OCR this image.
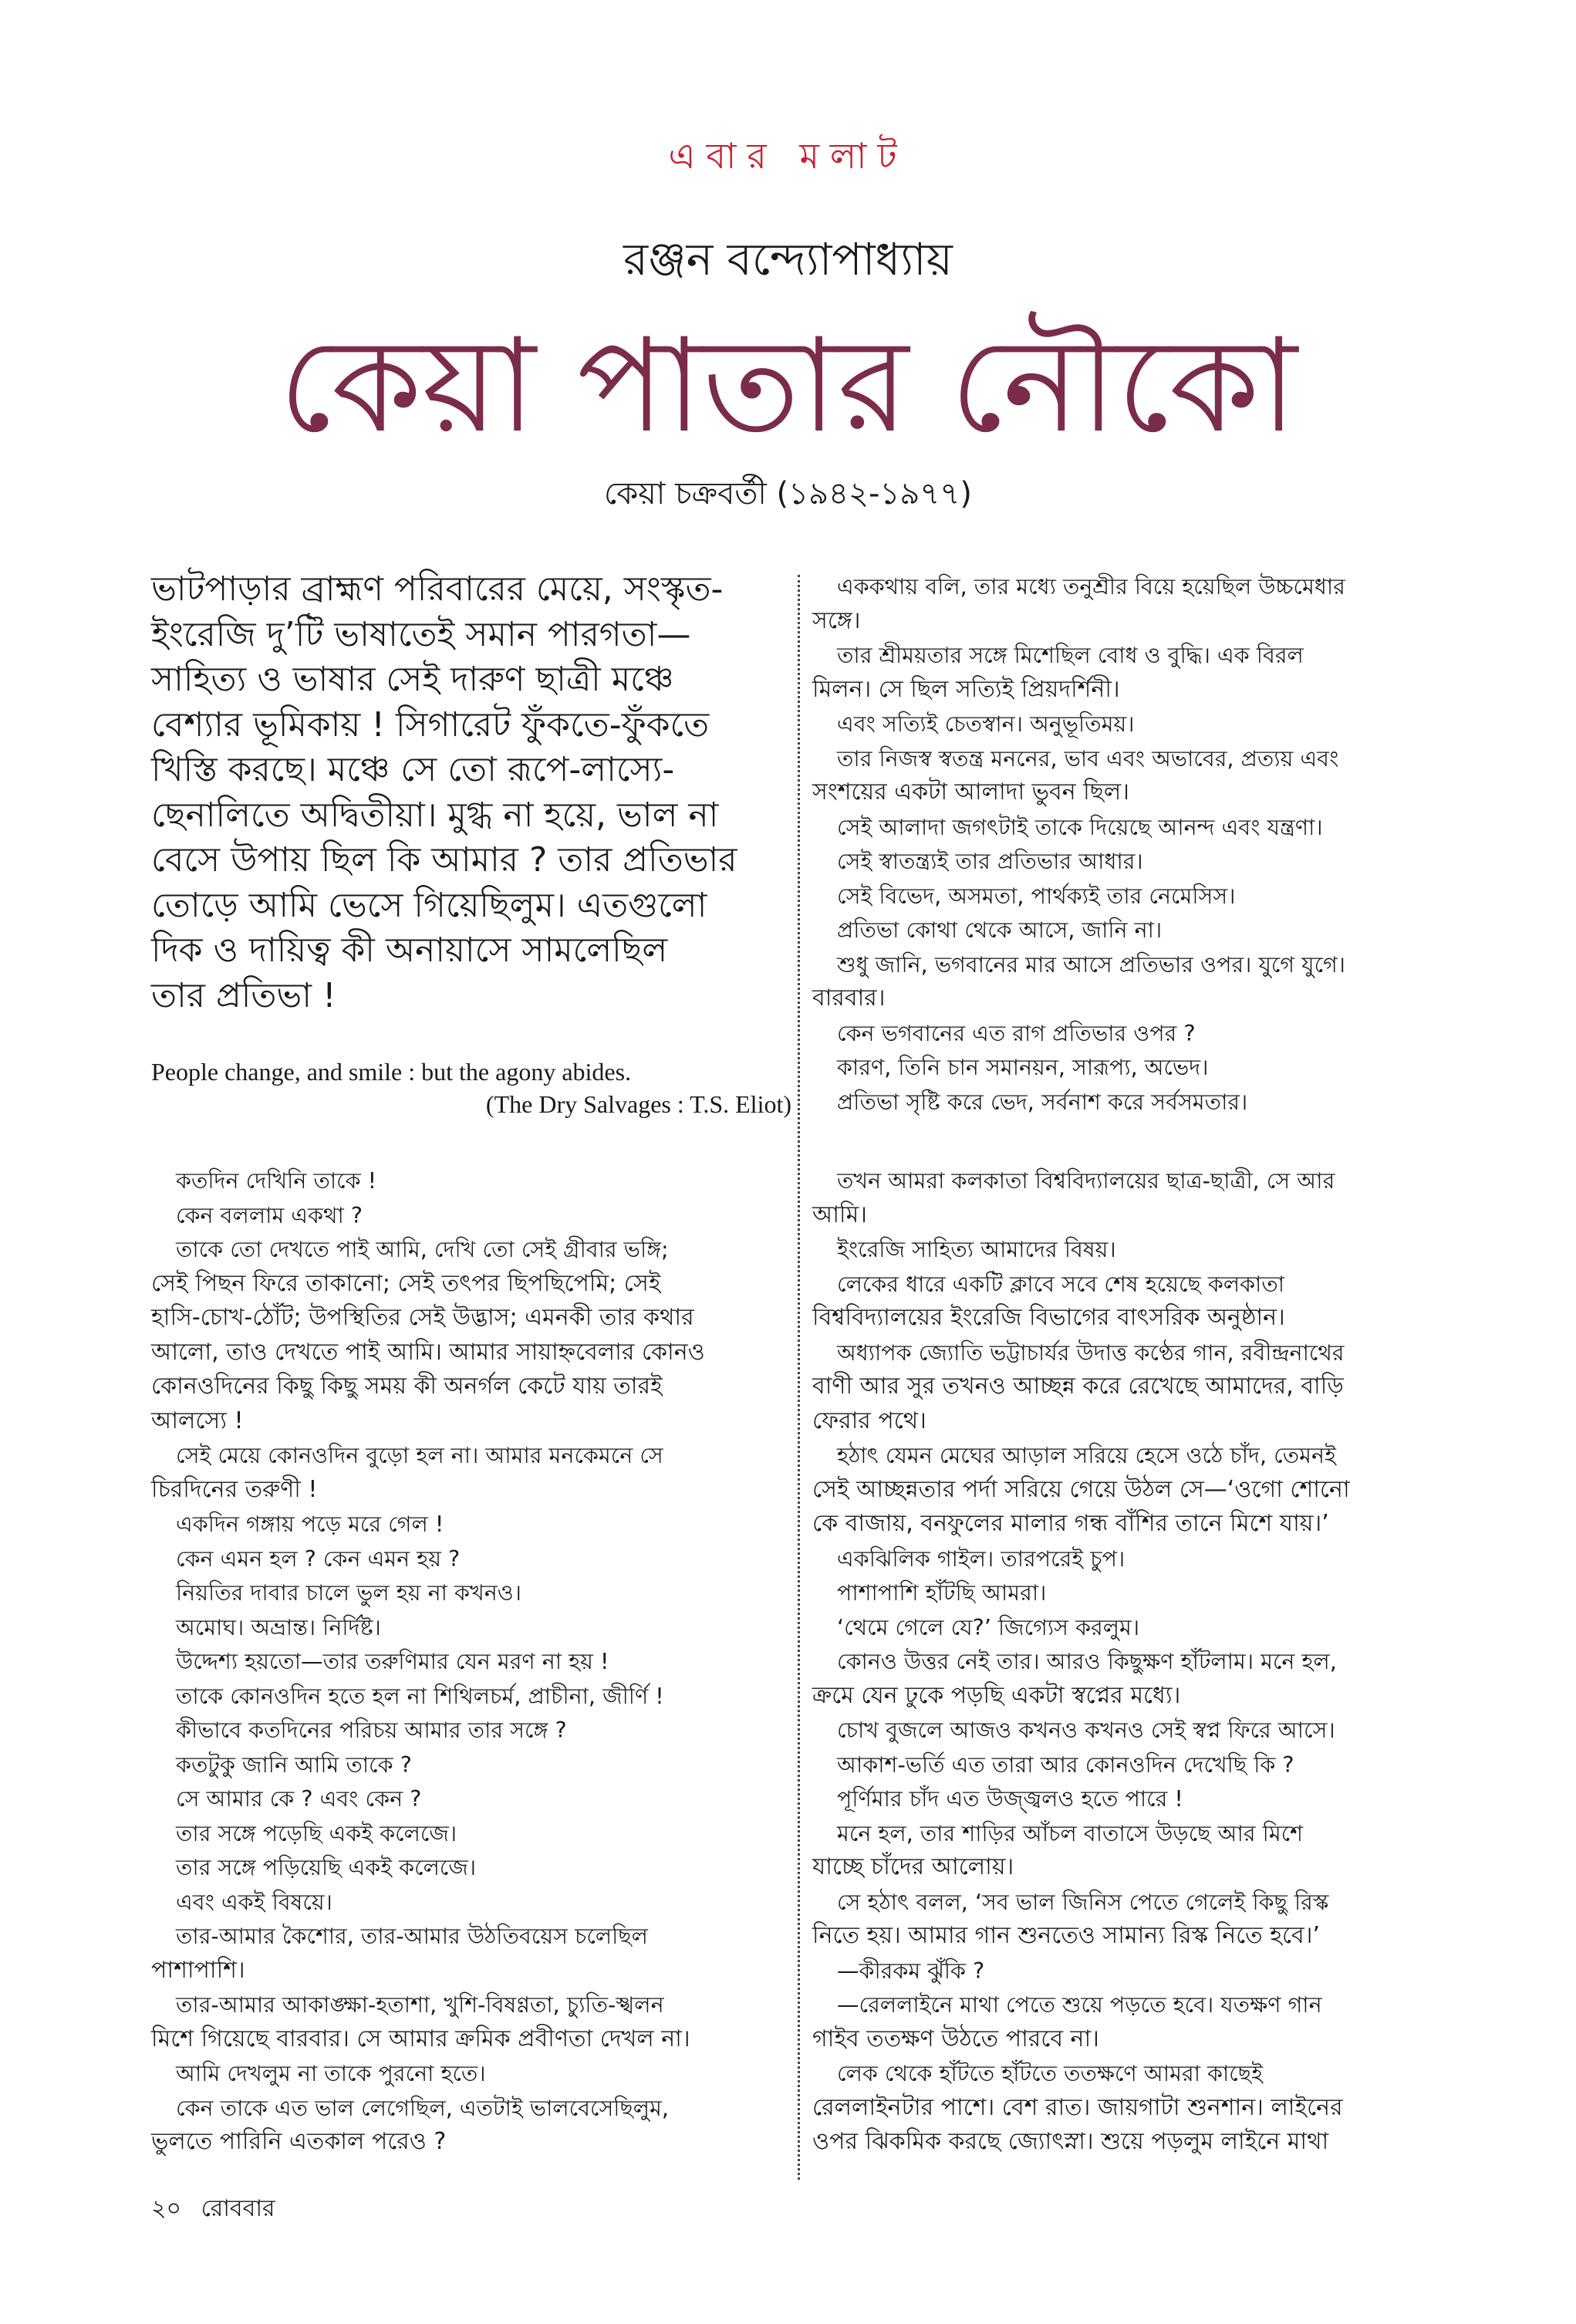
এবার মলাট
রঞ্জন বন্দ্যোপাধ্যায়
কেয়া পাতার নৌকো
কেয়া চক্রবর্তী (১৯৪২-১৯৭৭)
ভাটপাড়ার ব্রাহ্মণ পরিবারের মেয়ে, সংস্কৃত-
ইংরেজি দু’টি ভাষাতেই সমান পারগতা—
সাহিত্য ও ভাষার সেই দারুণ ছাত্রী মঞ্চে
বেশ্যার ভূমিকায় ! সিগারেট ফুঁকতে-ফুঁকতে
খিস্তি করছে। মঞ্চে সে তো রূপে-লাস্যে-
ছেনালিতে অদ্বিতীয়া। মুগ্ধ না হয়ে, ভাল না
বেসে উপায় ছিল কি আমার ? তার প্রতিভার
তোড়ে আমি ভেসে গিয়েছিলুম। এতগুলো
দিক ও দায়িত্ব কী অনায়াসে সামলেছিল
তার প্রতিভা !
People change, and smile : but the agony abides.
(The Dry Salvages : T.S. Eliot)
কতদিন দেখিনি তাকে !
কেন বললাম একথা ?
তাকে তো দেখতে পাই আমি, দেখি তো সেই গ্রীবার ভঙ্গি;
সেই পিছন ফিরে তাকানো; সেই তৎপর ছিপছিপেমি; সেই
হাসি-চোখ-ঠোঁট; উপস্থিতির সেই উদ্ভাস; এমনকী তার কথার
আলো, তাও দেখতে পাই আমি। আমার সায়াহ্নবেলার কোনও
কোনওদিনের কিছু কিছু সময় কী অনর্গল কেটে যায় তারই
আলস্যে !
সেই মেয়ে কোনওদিন বুড়ো হল না। আমার মনকেমনে সে
চিরদিনের তরুণী !
একদিন গঙ্গায় পড়ে মরে গেল !
কেন এমন হল ? কেন এমন হয় ?
নিয়তির দাবার চালে ভুল হয় না কখনও।
অমোঘ। অভ্রান্ত। নির্দিষ্ট।
উদ্দেশ্য হয়তো—তার তরুণিমার যেন মরণ না হয় !
তাকে কোনওদিন হতে হল না শিথিলচর্ম, প্রাচীনা, জীর্ণি !
কীভাবে কতদিনের পরিচয় আমার তার সঙ্গে ?
কতটুকু জানি আমি তাকে ?
সে আমার কে ? এবং কেন ?
তার সঙ্গে পড়েছি একই কলেজে।
তার সঙ্গে পড়িয়েছি একই কলেজে।
এবং একই বিষয়ে।
তার-আমার কৈশোর, তার-আমার উঠতিবয়েস চলেছিল
পাশাপাশি।
তার-আমার আকাঙ্ক্ষা-হতাশা, খুশি-বিষণ্ণতা, চ্যুতি-স্খলন
মিশে গিয়েছে বারবার। সে আমার ক্রমিক প্রবীণতা দেখল না।
আমি দেখলুম না তাকে পুরনো হতে।
কেন তাকে এত ভাল লেগেছিল, এতটাই ভালবেসেছিলুম,
ভুলতে পারিনি এতকাল পরেও ?
এককথায় বলি, তার মধ্যে তনুশ্রীর বিয়ে হয়েছিল উচ্চমেধার
সঙ্গে।
তার শ্রীময়তার সঙ্গে মিশেছিল বোধ ও বুদ্ধি। এক বিরল
মিলন। সে ছিল সত্যিই প্রিয়দর্শিনী।
এবং সত্যিই চেতস্বান। অনুভূতিময়।
তার নিজস্ব স্বতন্ত্র মননের, ভাব এবং অভাবের, প্রত্যয় এবং
সংশয়ের একটা আলাদা ভুবন ছিল।
সেই আলাদা জগৎটাই তাকে দিয়েছে আনন্দ এবং যন্ত্রণা।
সেই স্বাতন্ত্র্যই তার প্রতিভার আধার।
সেই বিভেদ, অসমতা, পার্থক্যই তার নেমেসিস।
প্রতিভা কোথা থেকে আসে, জানি না।
শুধু জানি, ভগবানের মার আসে প্রতিভার ওপর। যুগে যুগে।
বারবার।
কেন ভগবানের এত রাগ প্রতিভার ওপর ?
কারণ, তিনি চান সমানয়ন, সারূপ্য, অভেদ।
প্রতিভা সৃষ্টি করে ভেদ, সর্বনাশ করে সর্বসমতার।
তখন আমরা কলকাতা বিশ্ববিদ্যালয়ের ছাত্র-ছাত্রী, সে আর
আমি।
ইংরেজি সাহিত্য আমাদের বিষয়।
লেকের ধারে একটি ক্লাবে সবে শেষ হয়েছে কলকাতা
বিশ্ববিদ্যালয়ের ইংরেজি বিভাগের বাৎসরিক অনুষ্ঠান।
অধ্যাপক জ্যোতি ভট্টাচার্যর উদাত্ত কণ্ঠের গান, রবীন্দ্রনাথের
বাণী আর সুর তখনও আচ্ছন্ন করে রেখেছে আমাদের, বাড়ি
ফেরার পথে।
হঠাৎ যেমন মেঘের আড়াল সরিয়ে হেসে ওঠে চাঁদ, তেমনই
সেই আচ্ছন্নতার পর্দা সরিয়ে গেয়ে উঠল সে—‘ওগো শোনো
কে বাজায়, বনফুলের মালার গন্ধ বাঁশির তানে মিশে যায়।’
একঝিলিক গাইল। তারপরেই চুপ।
পাশাপাশি হাঁটছি আমরা।
‘থেমে গেলে যে?’ জিগ্যেস করলুম।
কোনও উত্তর নেই তার। আরও কিছুক্ষণ হাঁটলাম। মনে হল,
ক্রমে যেন ঢুকে পড়ছি একটা স্বপ্নের মধ্যে।
চোখ বুজলে আজও কখনও কখনও সেই স্বপ্ন ফিরে আসে।
আকাশ-ভর্তি এত তারা আর কোনওদিন দেখেছি কি ?
পূর্ণিমার চাঁদ এত উজ্জ্বলও হতে পারে !
মনে হল, তার শাড়ির আঁচল বাতাসে উড়ছে আর মিশে
যাচ্ছে চাঁদের আলোয়।
সে হঠাৎ বলল, ‘সব ভাল জিনিস পেতে গেলেই কিছু রিস্ক
নিতে হয়। আমার গান শুনতেও সামান্য রিস্ক নিতে হবে।’
—কীরকম ঝুঁকি ?
—রেললাইনে মাথা পেতে শুয়ে পড়তে হবে। যতক্ষণ গান
গাইব ততক্ষণ উঠতে পারবে না।
লেক থেকে হাঁটতে হাঁটতে ততক্ষণে আমরা কাছেই
রেললাইনটার পাশে। বেশ রাত। জায়গাটা শুনশান। লাইনের
ওপর ঝিকমিক করছে জ্যোৎস্না। শুয়ে পড়লুম লাইনে মাথা
২০ রোববার
